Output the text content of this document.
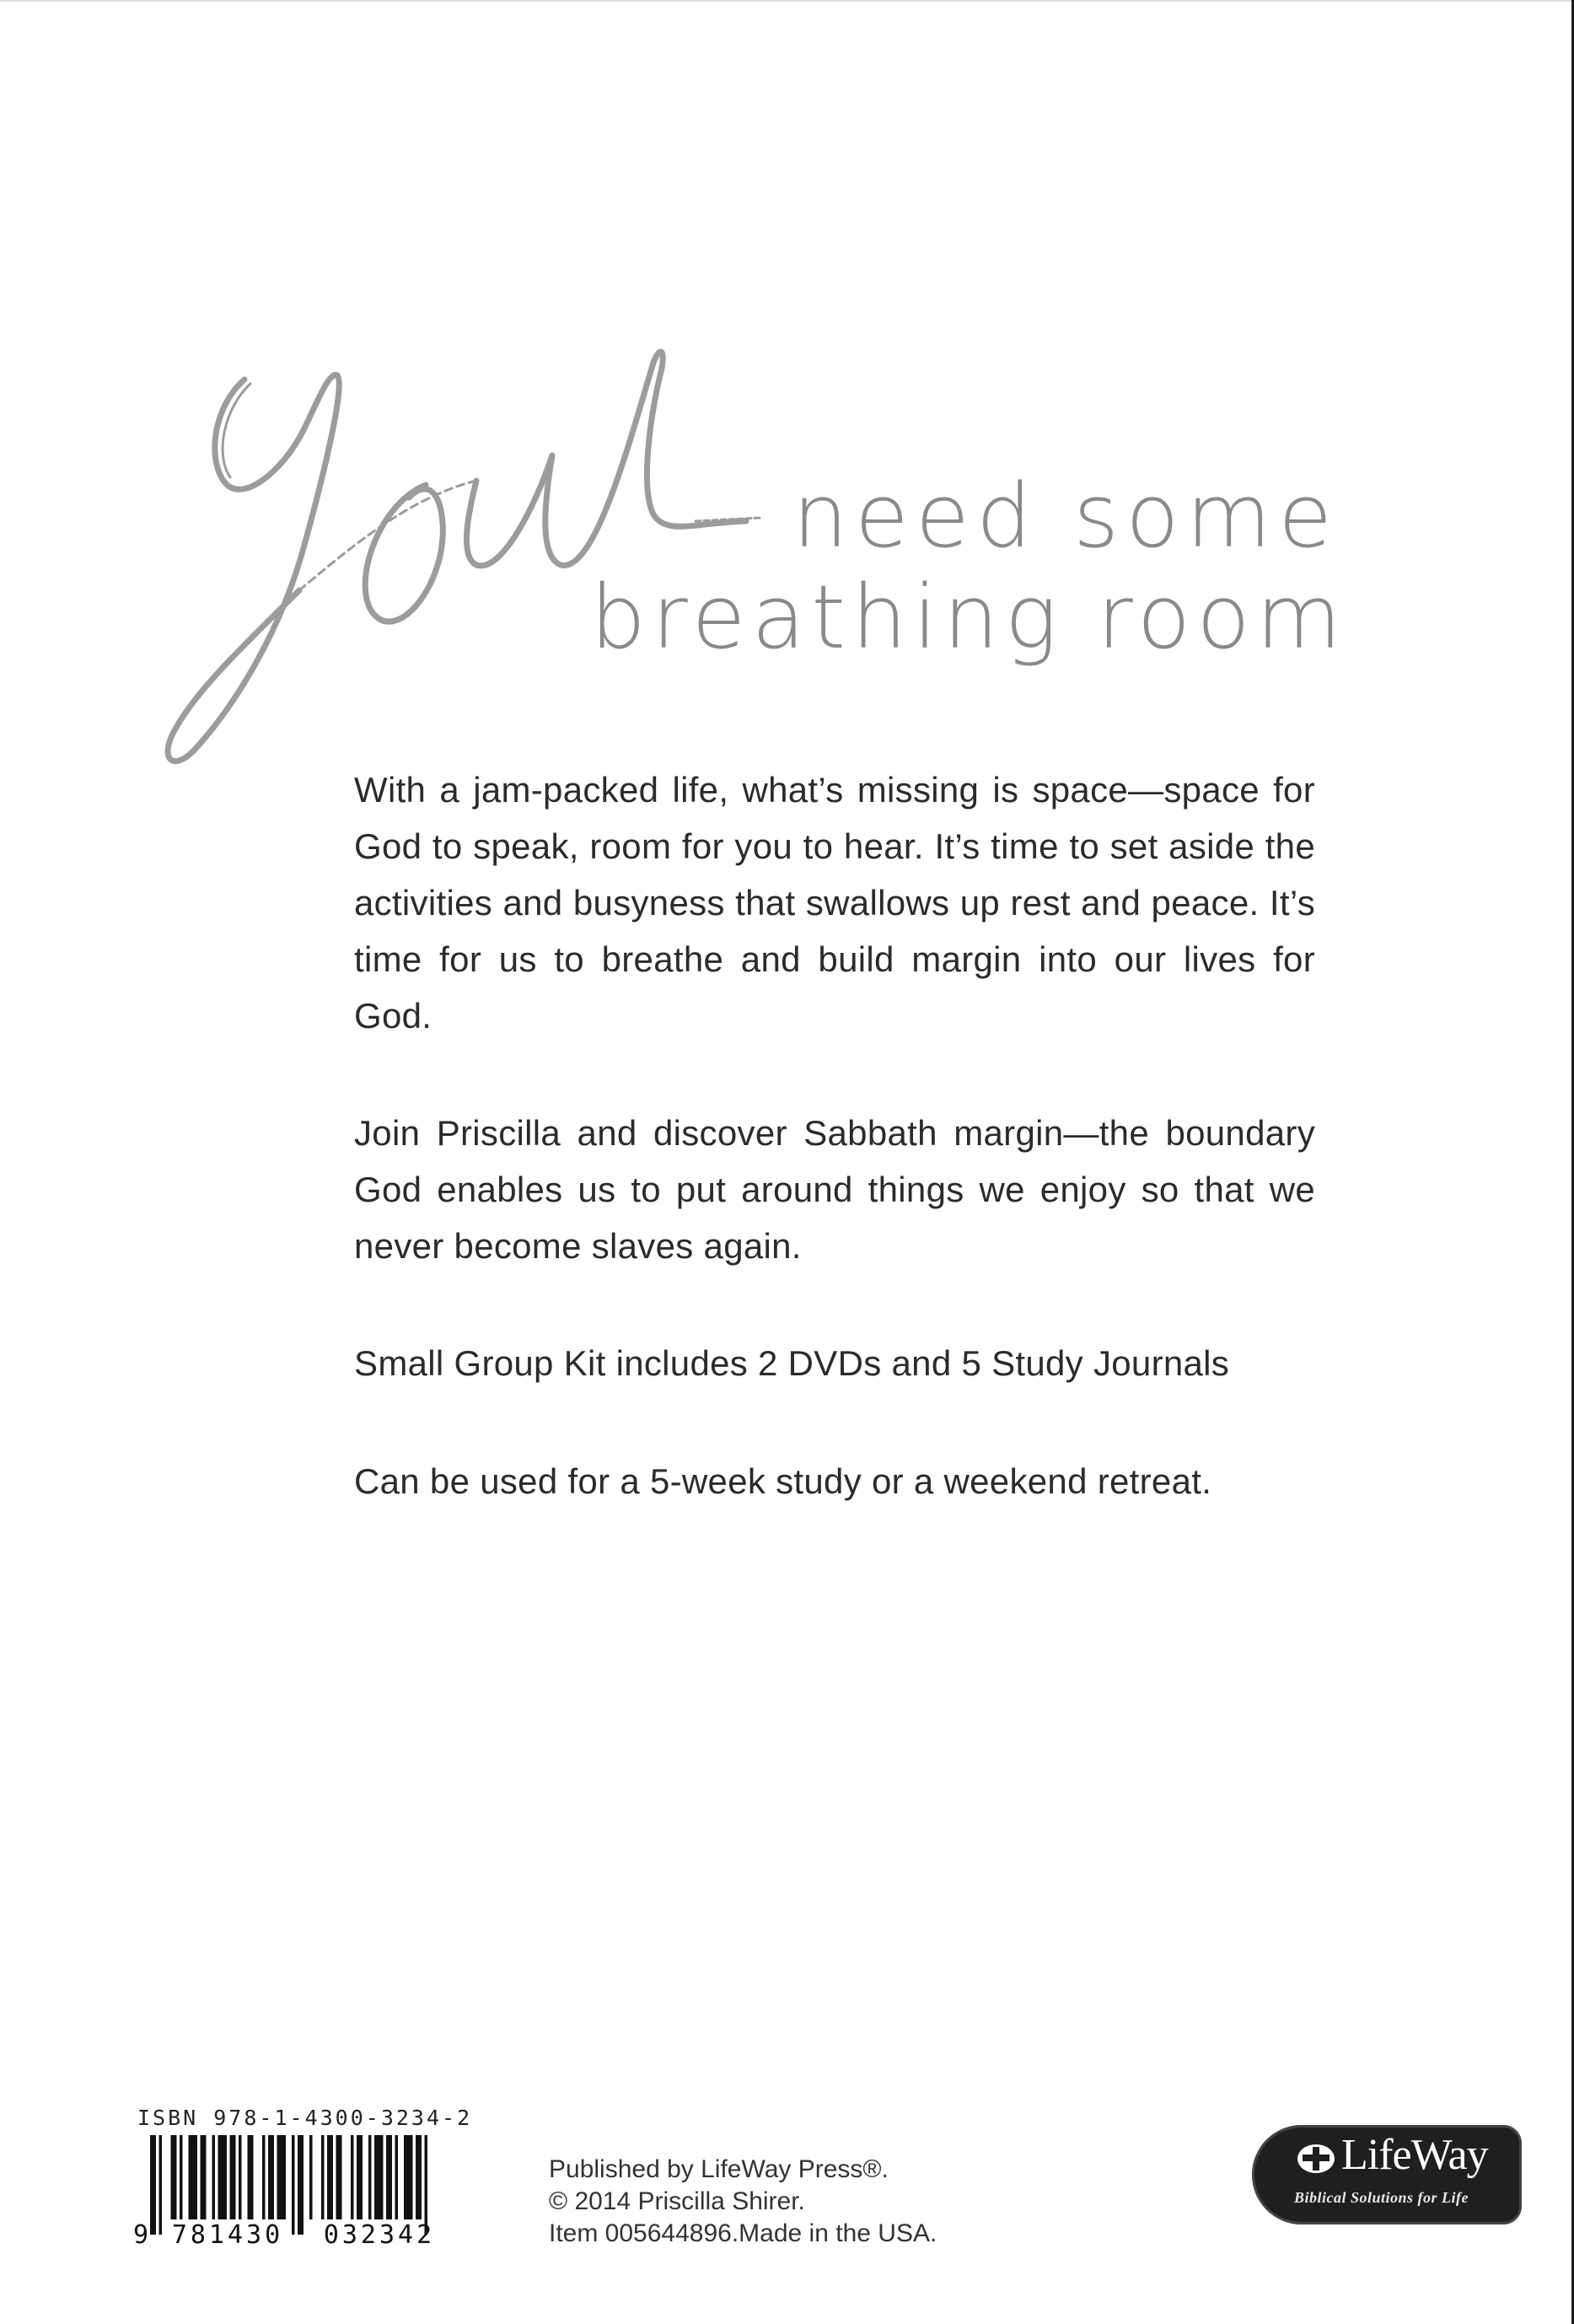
need some
breathing room

With a jam-packed life, what’s missing is space—space for God to speak, room for you to hear. It’s time to set aside the activities and busyness that swallows up rest and peace. It’s time for us to breathe and build margin into our lives for God.

Join Priscilla and discover Sabbath margin—the boundary God enables us to put around things we enjoy so that we never become slaves again.

Small Group Kit includes 2 DVDs and 5 Study Journals

Can be used for a 5-week study or a weekend retreat.

ISBN 978-1-4300-3234-2
9 781430 032342
Published by LifeWay Press®.
© 2014 Priscilla Shirer.
Item 005644896.Made in the USA.
LifeWay
Biblical Solutions for Life
